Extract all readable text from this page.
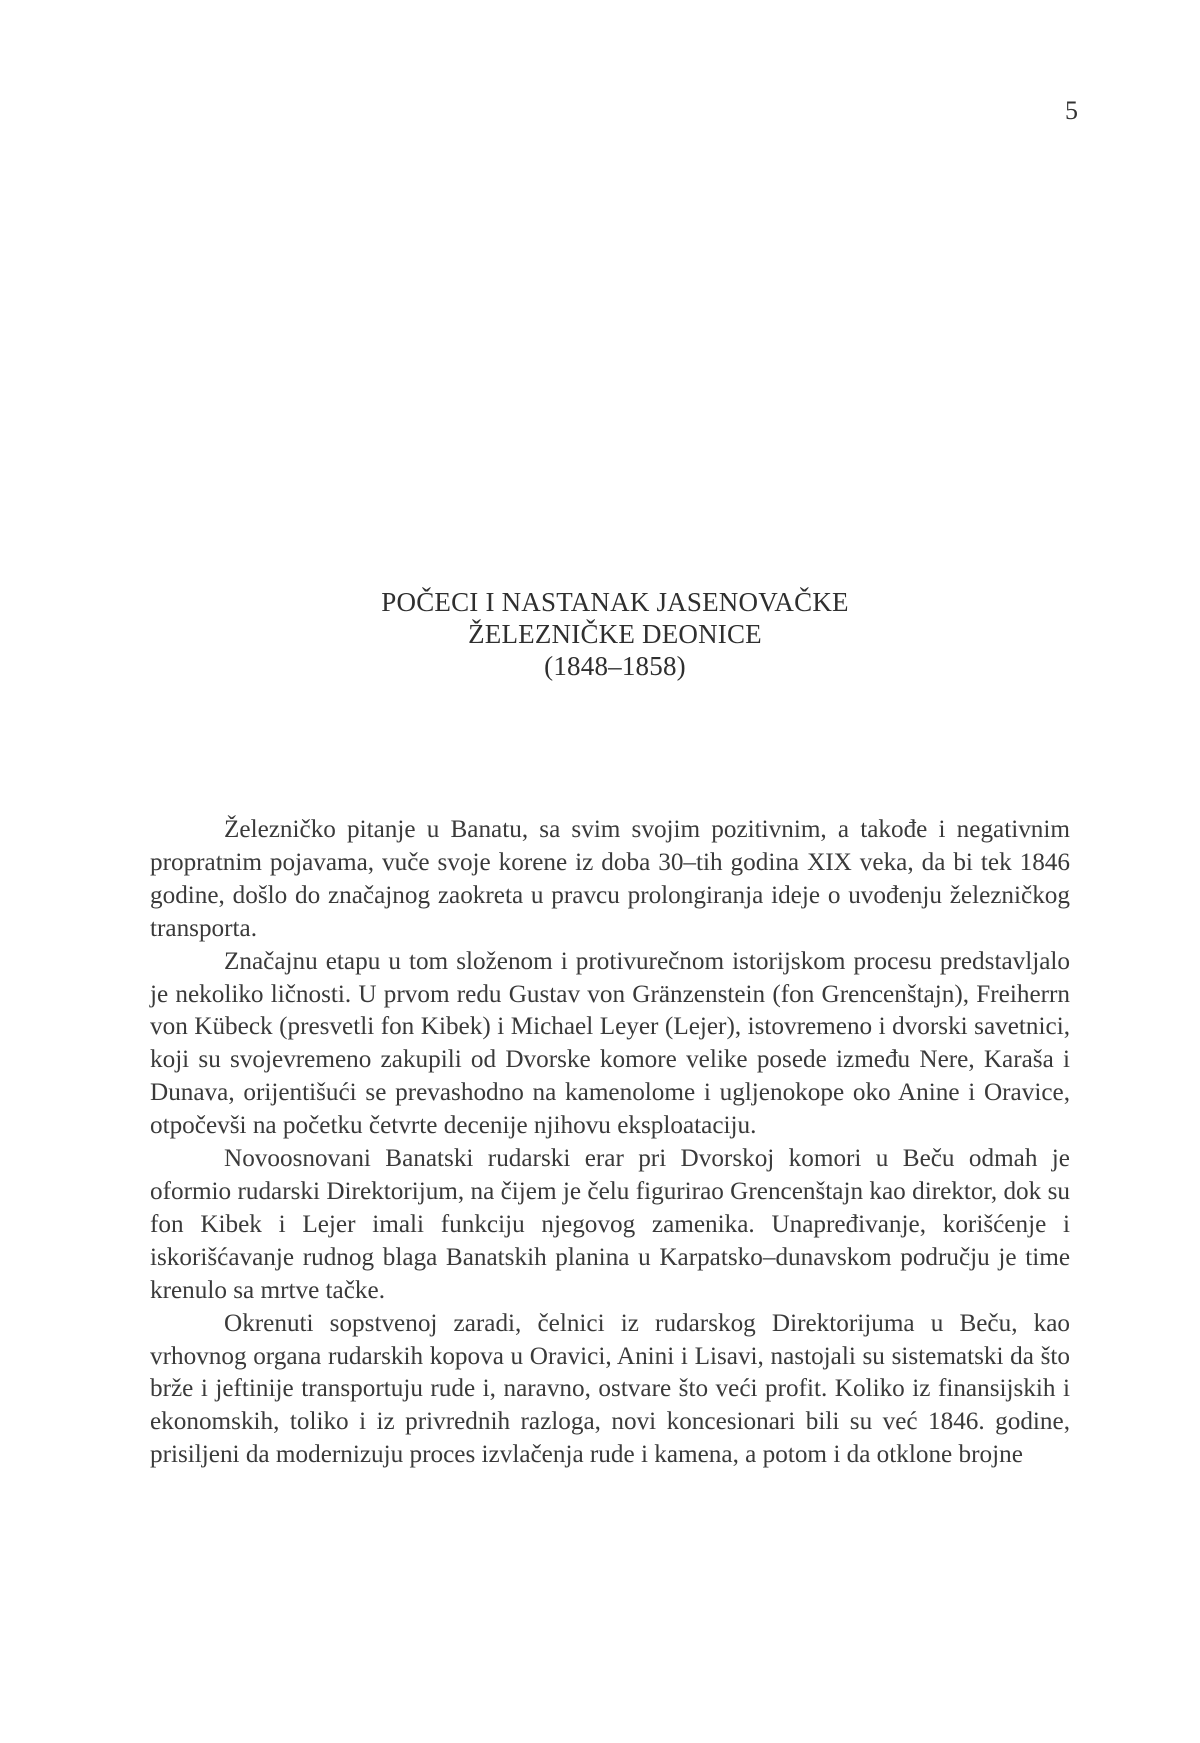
5
POČECI I NASTANAK JASENOVAČKE
ŽELEZNIČKE DEONICE
(1848–1858)

Železničko pitanje u Banatu, sa svim svojim pozitivnim, a takođe i negativnim propratnim pojavama, vuče svoje korene iz doba 30–tih godina XIX veka, da bi tek 1846 godine, došlo do značajnog zaokreta u pravcu prolongiranja ideje o uvođenju železničkog transporta.

Značajnu etapu u tom složenom i protivurečnom istorijskom procesu predstavljalo je nekoliko ličnosti. U prvom redu Gustav von Gränzenstein (fon Grencenštajn), Freiherrn von Kübeck (presvetli fon Kibek) i Michael Leyer (Lejer), istovremeno i dvorski savetnici, koji su svojevremeno zakupili od Dvorske komore velike posede između Nere, Karaša i Dunava, orijentišući se prevashodno na kamenolome i ugljenokope oko Anine i Oravice, otpočevši na početku četvrte decenije njihovu eksploataciju.

Novoosnovani Banatski rudarski erar pri Dvorskoj komori u Beču odmah je oformio rudarski Direktorijum, na čijem je čelu figurirao Grencenštajn kao direktor, dok su fon Kibek i Lejer imali funkciju njegovog zamenika. Unapređivanje, korišćenje i iskorišćavanje rudnog blaga Banatskih planina u Karpatsko–dunavskom području je time krenulo sa mrtve tačke.

Okrenuti sopstvenoj zaradi, čelnici iz rudarskog Direktorijuma u Beču, kao vrhovnog organa rudarskih kopova u Oravici, Anini i Lisavi, nastojali su sistematski da što brže i jeftinije transportuju rude i, naravno, ostvare što veći profit. Koliko iz finansijskih i ekonomskih, toliko i iz privrednih razloga, novi koncesionari bili su već 1846. godine, prisiljeni da modernizuju proces izvlačenja rude i kamena, a potom i da otklone brojne
